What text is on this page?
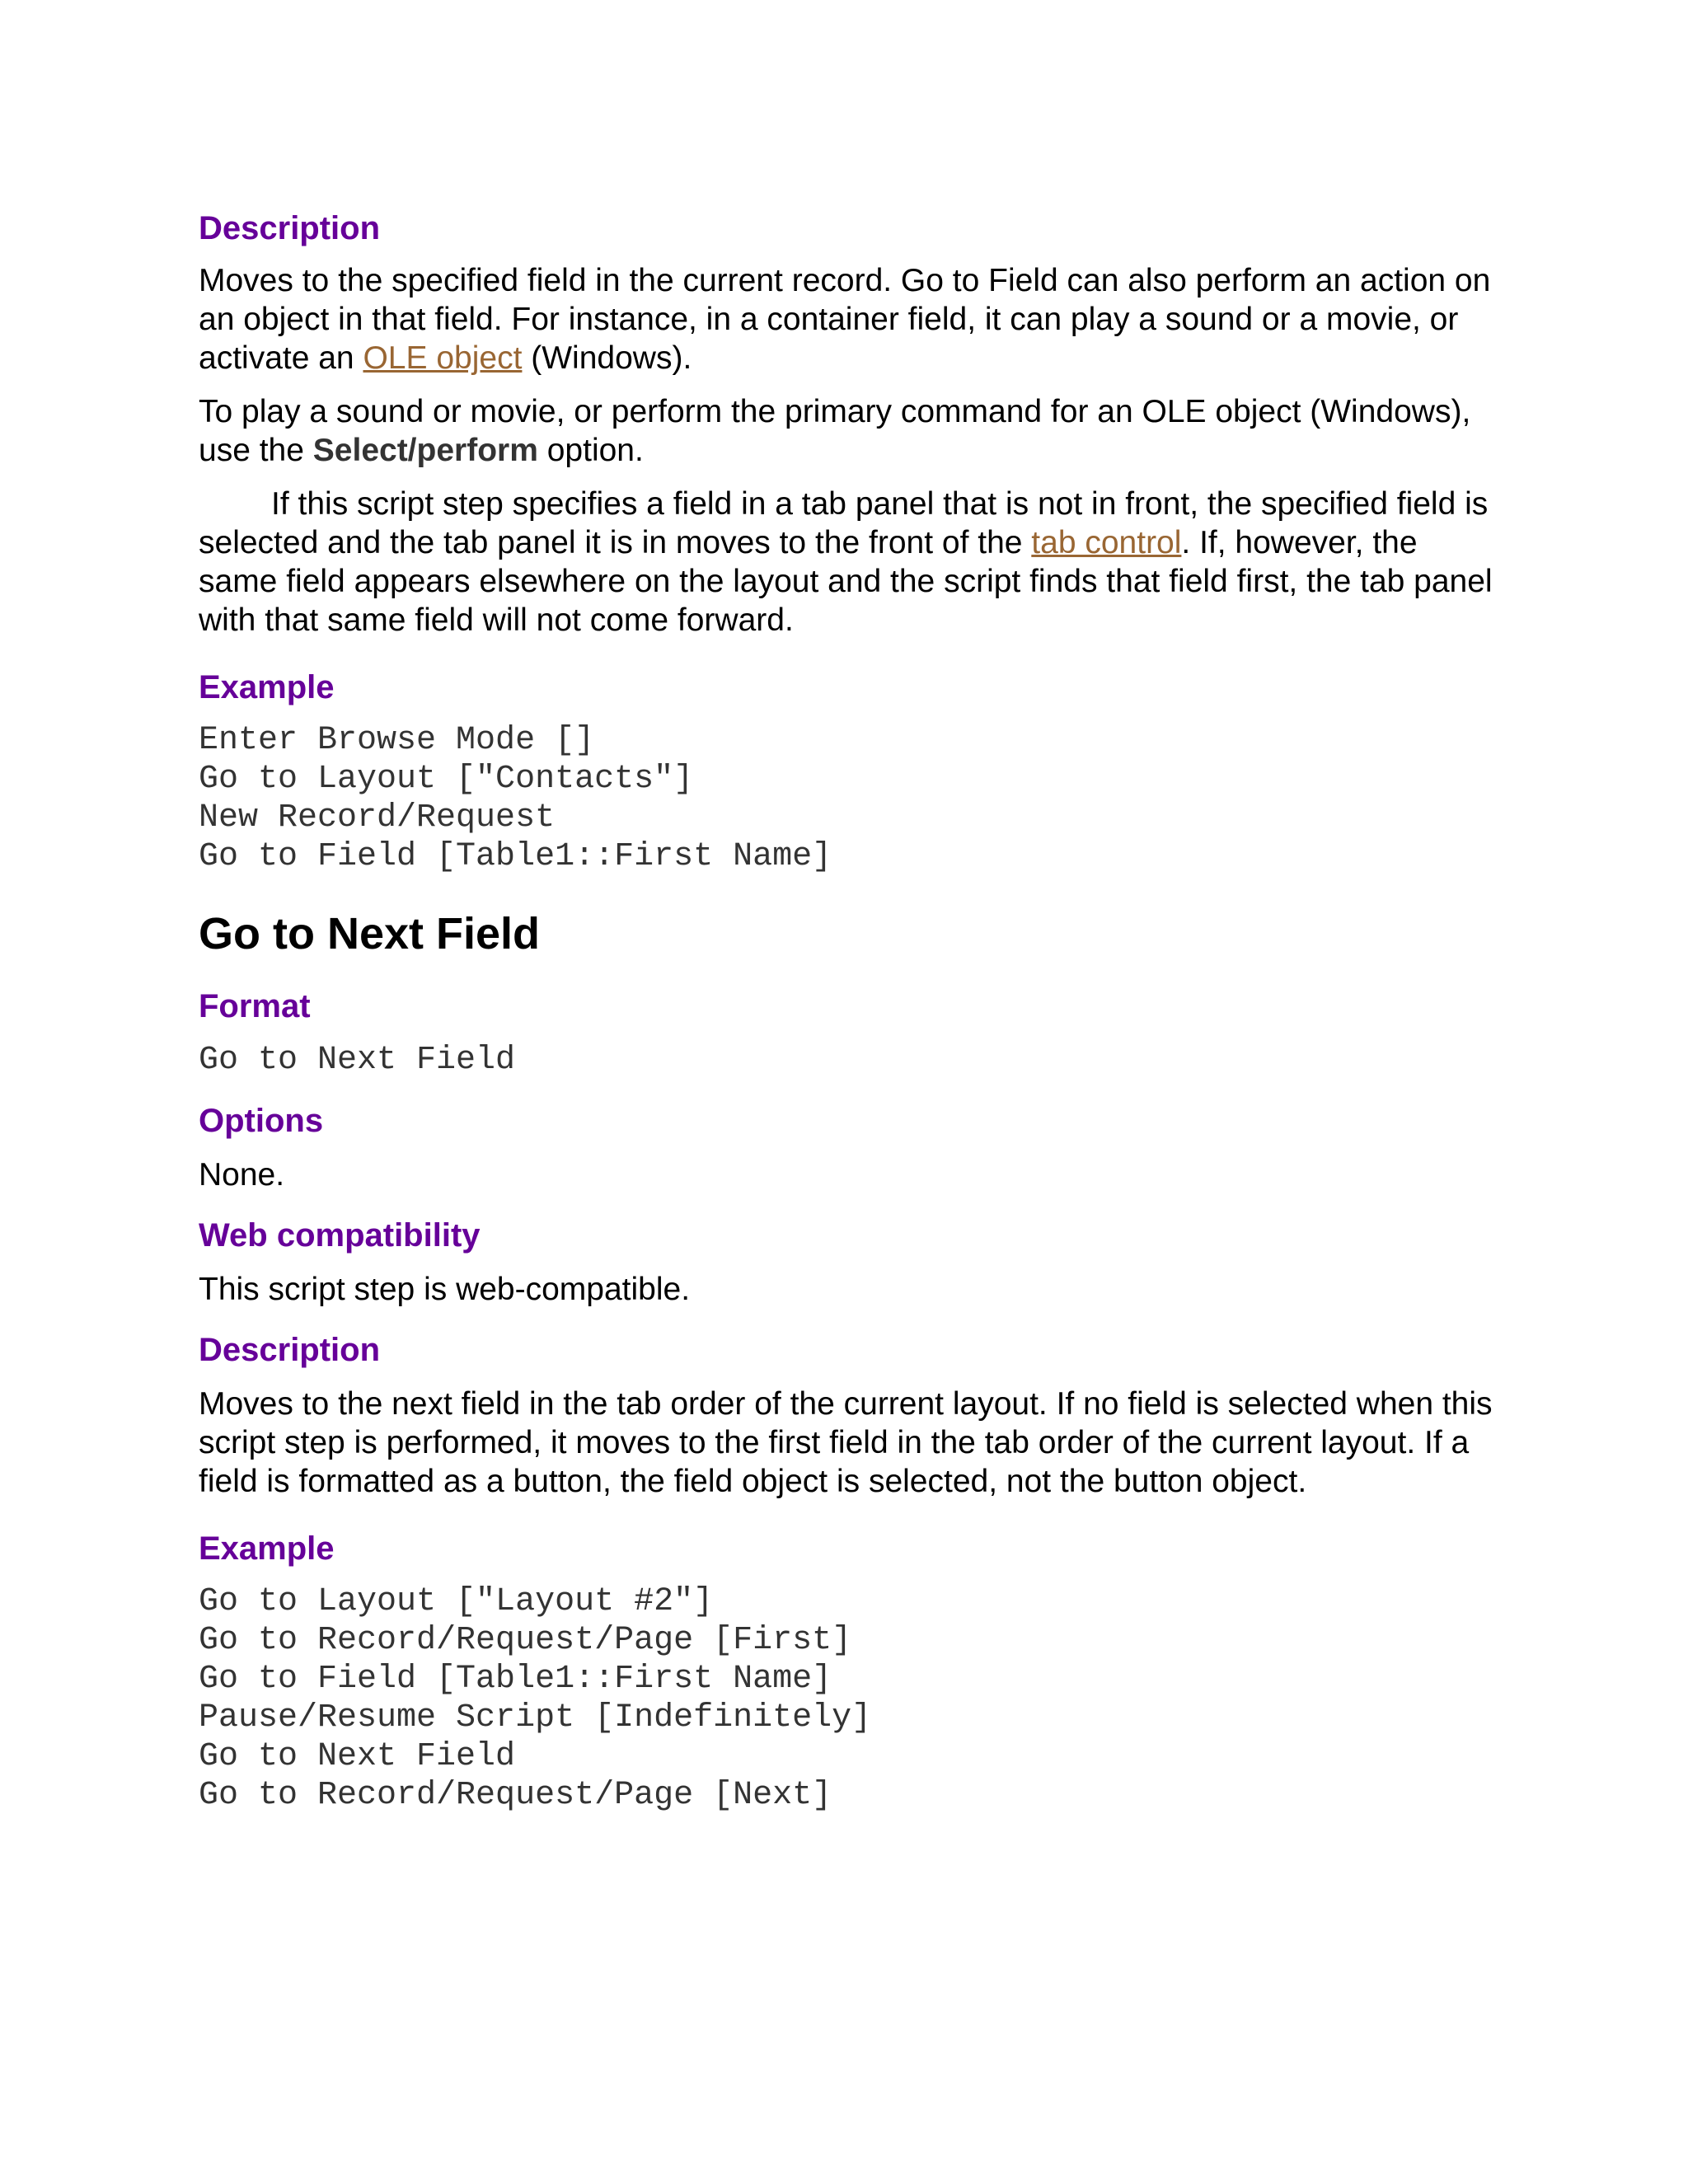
Description

Moves to the specified field in the current record. Go to Field can also perform an action on an object in that field. For instance, in a container field, it can play a sound or a movie, or activate an OLE object (Windows).

To play a sound or movie, or perform the primary command for an OLE object (Windows), use the Select/perform option.

If this script step specifies a field in a tab panel that is not in front, the specified field is selected and the tab panel it is in moves to the front of the tab control. If, however, the same field appears elsewhere on the layout and the script finds that field first, the tab panel with that same field will not come forward.

Example
Enter Browse Mode []
Go to Layout ["Contacts"]
New Record/Request
Go to Field [Table1::First Name]
Go to Next Field
Format
Go to Next Field
Options

None.

Web compatibility

This script step is web-compatible.

Description

Moves to the next field in the tab order of the current layout. If no field is selected when this script step is performed, it moves to the first field in the tab order of the current layout. If a field is formatted as a button, the field object is selected, not the button object.

Example
Go to Layout ["Layout #2"]
Go to Record/Request/Page [First]
Go to Field [Table1::First Name]
Pause/Resume Script [Indefinitely]
Go to Next Field
Go to Record/Request/Page [Next]
